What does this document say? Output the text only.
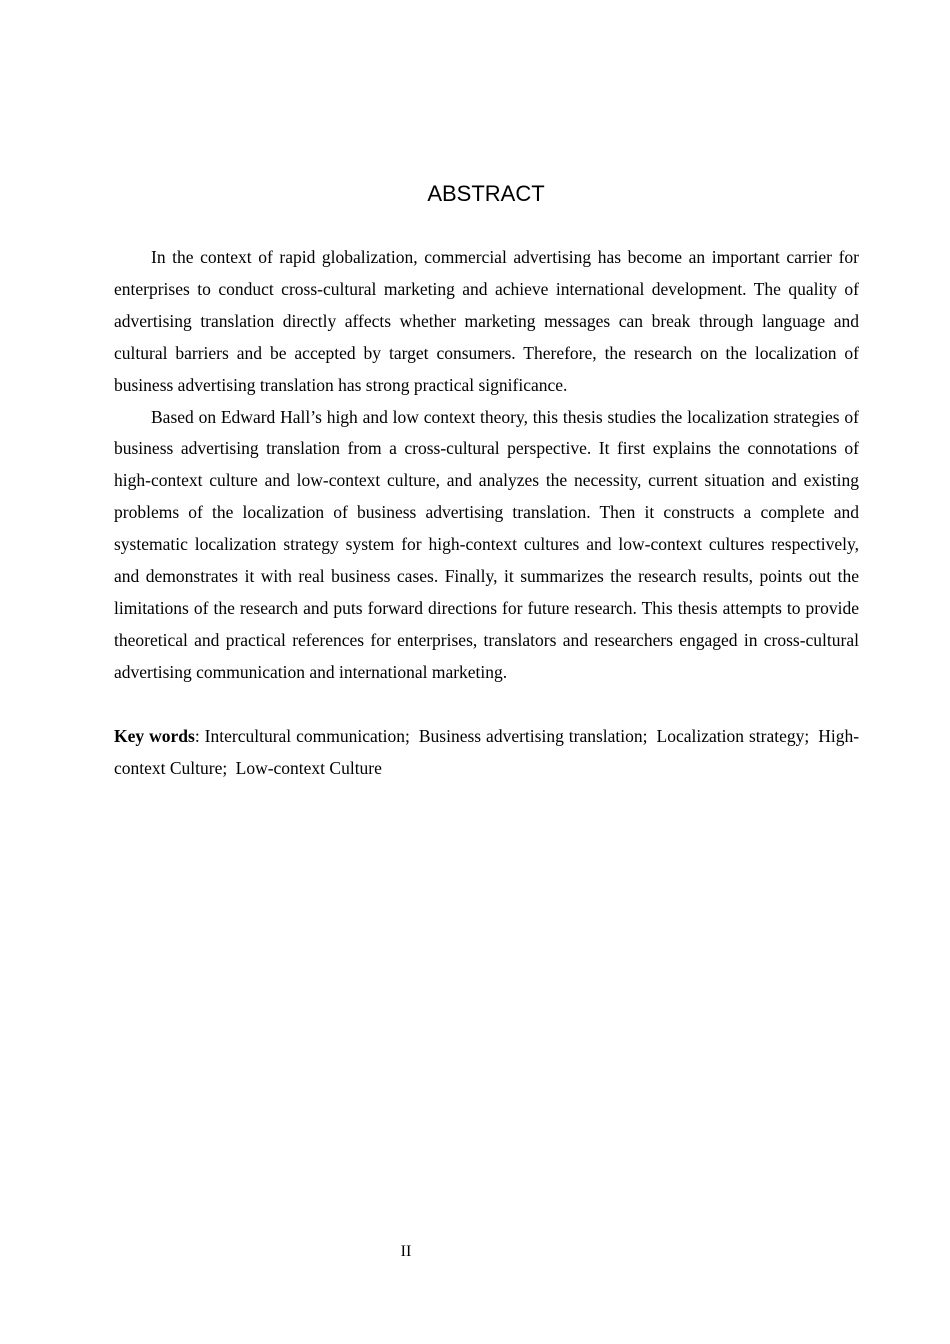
ABSTRACT

In the context of rapid globalization, commercial advertising has become an important carrier for enterprises to conduct cross-cultural marketing and achieve international development. The quality of advertising translation directly affects whether marketing messages can break through language and cultural barriers and be accepted by target consumers. Therefore, the research on the localization of business advertising translation has strong practical significance.

Based on Edward Hall’s high and low context theory, this thesis studies the localization strategies of business advertising translation from a cross-cultural perspective. It first explains the connotations of high-context culture and low-context culture, and analyzes the necessity, current situation and existing problems of the localization of business advertising translation. Then it constructs a complete and systematic localization strategy system for high-context cultures and low-context cultures respectively, and demonstrates it with real business cases. Finally, it summarizes the research results, points out the limitations of the research and puts forward directions for future research. This thesis attempts to provide theoretical and practical references for enterprises, translators and researchers engaged in cross-cultural advertising communication and international marketing.

Key words: Intercultural communication; Business advertising translation; Localization strategy; High-context Culture; Low-context Culture

II
